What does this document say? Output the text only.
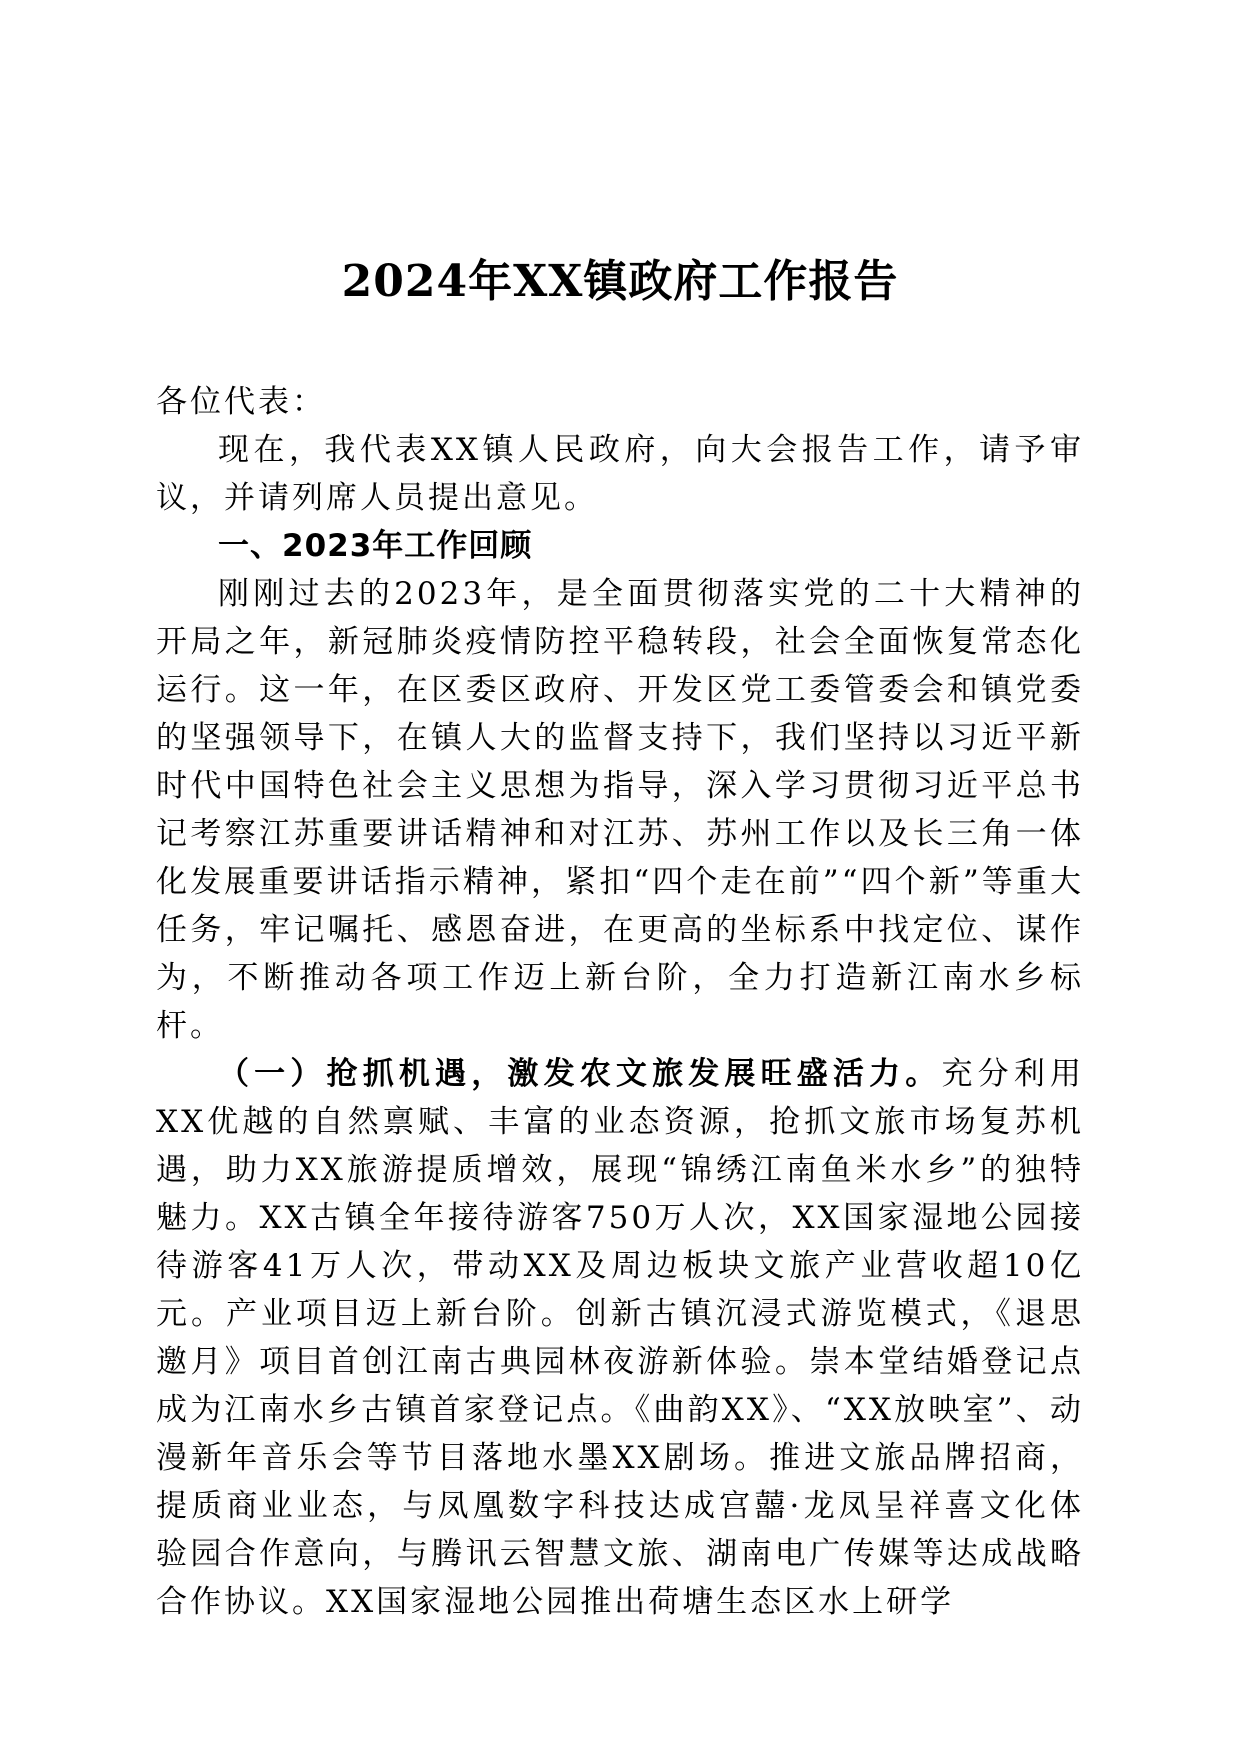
2024年XX镇政府工作报告

各位代表：

现在，我代表XX镇人民政府，向大会报告工作，请予审议，并请列席人员提出意见。

一、2023年工作回顾

刚刚过去的2023年，是全面贯彻落实党的二十大精神的开局之年，新冠肺炎疫情防控平稳转段，社会全面恢复常态化运行。这一年，在区委区政府、开发区党工委管委会和镇党委的坚强领导下，在镇人大的监督支持下，我们坚持以习近平新时代中国特色社会主义思想为指导，深入学习贯彻习近平总书记考察江苏重要讲话精神和对江苏、苏州工作以及长三角一体化发展重要讲话指示精神，紧扣“四个走在前”“四个新”等重大任务，牢记嘱托、感恩奋进，在更高的坐标系中找定位、谋作为，不断推动各项工作迈上新台阶，全力打造新江南水乡标杆。

（一）抢抓机遇，激发农文旅发展旺盛活力。充分利用XX优越的自然禀赋、丰富的业态资源，抢抓文旅市场复苏机遇，助力XX旅游提质增效，展现“锦绣江南鱼米水乡”的独特魅力。XX古镇全年接待游客750万人次，XX国家湿地公园接待游客41万人次，带动XX及周边板块文旅产业营收超10亿元。产业项目迈上新台阶。创新古镇沉浸式游览模式，《退思邀月》项目首创江南古典园林夜游新体验。崇本堂结婚登记点成为江南水乡古镇首家登记点。《曲韵XX》、“XX放映室”、动漫新年音乐会等节目落地水墨XX剧场。推进文旅品牌招商，提质商业业态，与凤凰数字科技达成宫囍·龙凤呈祥喜文化体验园合作意向，与腾讯云智慧文旅、湖南电广传媒等达成战略合作协议。XX国家湿地公园推出荷塘生态区水上研学
